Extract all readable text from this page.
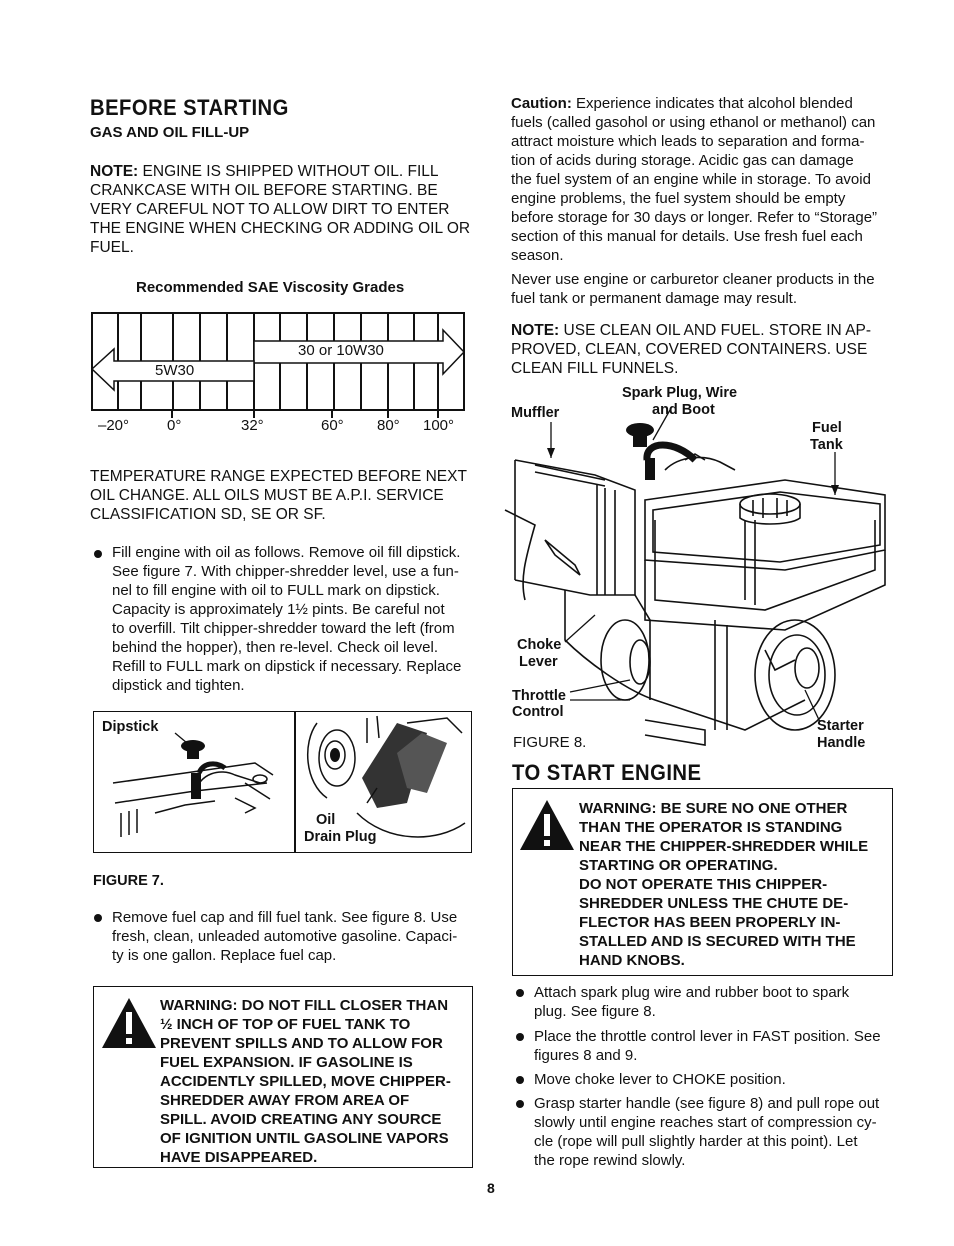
BEFORE STARTING
GAS AND OIL FILL-UP
NOTE: ENGINE IS SHIPPED WITHOUT OIL. FILL
CRANKCASE WITH OIL BEFORE STARTING. BE
VERY CAREFUL NOT TO ALLOW DIRT TO ENTER
THE ENGINE WHEN CHECKING OR ADDING OIL OR
FUEL.
Recommended SAE Viscosity Grades
30 or 10W30
5W30
–20°	0°	32°	60° 80° 100°
TEMPERATURE RANGE EXPECTED BEFORE NEXT
OIL CHANGE. ALL OILS MUST BE A.P.I. SERVICE
CLASSIFICATION SD, SE OR SF.
Fill engine with oil as follows. Remove oil fill dipstick.
See figure 7. With chipper-shredder level, use a fun-
nel to fill engine with oil to FULL mark on dipstick.
Capacity is approximately 1½ pints. Be careful not
to overfill. Tilt chipper-shredder toward the left (from
behind the hopper), then re-level. Check oil level.
Refill to FULL mark on dipstick if necessary. Replace
dipstick and tighten.
Dipstick
Oil
Drain Plug
FIGURE 7.
Remove fuel cap and fill fuel tank. See figure 8. Use
fresh, clean, unleaded automotive gasoline. Capaci-
ty is one gallon. Replace fuel cap.
WARNING: DO NOT FILL CLOSER THAN
½ INCH OF TOP OF FUEL TANK TO
PREVENT SPILLS AND TO ALLOW FOR
FUEL EXPANSION. IF GASOLINE IS
ACCIDENTLY SPILLED, MOVE CHIPPER-
SHREDDER AWAY FROM AREA OF
SPILL. AVOID CREATING ANY SOURCE
OF IGNITION UNTIL GASOLINE VAPORS
HAVE DISAPPEARED.
Caution: Experience indicates that alcohol blended
fuels (called gasohol or using ethanol or methanol) can
attract moisture which leads to separation and forma-
tion of acids during storage. Acidic gas can damage
the fuel system of an engine while in storage. To avoid
engine problems, the fuel system should be empty
before storage for 30 days or longer. Refer to “Storage”
section of this manual for details. Use fresh fuel each
season.
Never use engine or carburetor cleaner products in the
fuel tank or permanent damage may result.
NOTE: USE CLEAN OIL AND FUEL. STORE IN AP-
PROVED, CLEAN, COVERED CONTAINERS. USE
CLEAN FILL FUNNELS.
Spark Plug, Wire
and Boot
Muffler
Fuel
Tank
Choke
Lever
Throttle
Control
Starter
Handle
FIGURE 8.
TO START ENGINE
WARNING: BE SURE NO ONE OTHER
THAN THE OPERATOR IS STANDING
NEAR THE CHIPPER-SHREDDER WHILE
STARTING OR OPERATING.
DO NOT OPERATE THIS CHIPPER-
SHREDDER UNLESS THE CHUTE DE-
FLECTOR HAS BEEN PROPERLY IN-
STALLED AND IS SECURED WITH THE
HAND KNOBS.
Attach spark plug wire and rubber boot to spark
plug. See figure 8.
Place the throttle control lever in FAST position. See
figures 8 and 9.
Move choke lever to CHOKE position.
Grasp starter handle (see figure 8) and pull rope out
slowly until engine reaches start of compression cy-
cle (rope will pull slightly harder at this point). Let
the rope rewind slowly.
8
